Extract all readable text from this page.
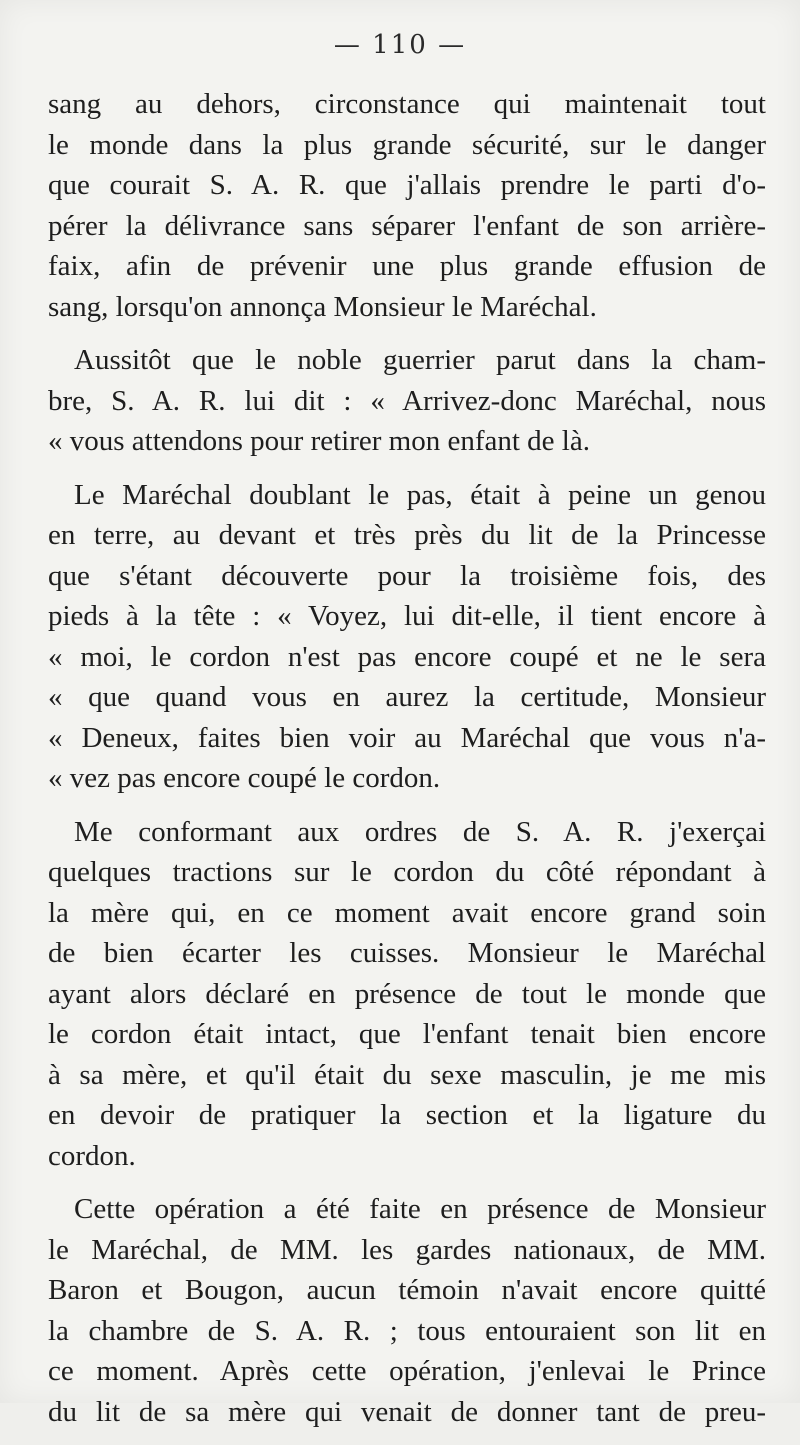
— 110 —
sang au dehors, circonstance qui maintenait tout
le monde dans la plus grande sécurité, sur le danger
que courait S. A. R. que j'allais prendre le parti d'o-
pérer la délivrance sans séparer l'enfant de son arrière-
faix, afin de prévenir une plus grande effusion de
sang, lorsqu'on annonça Monsieur le Maréchal.
Aussitôt que le noble guerrier parut dans la cham-
bre, S. A. R. lui dit : « Arrivez-donc Maréchal, nous
« vous attendons pour retirer mon enfant de là.
Le Maréchal doublant le pas, était à peine un genou
en terre, au devant et très près du lit de la Princesse
que s'étant découverte pour la troisième fois, des
pieds à la tête : « Voyez, lui dit-elle, il tient encore à
« moi, le cordon n'est pas encore coupé et ne le sera
« que quand vous en aurez la certitude, Monsieur
« Deneux, faites bien voir au Maréchal que vous n'a-
« vez pas encore coupé le cordon.
Me conformant aux ordres de S. A. R. j'exerçai
quelques tractions sur le cordon du côté répondant à
la mère qui, en ce moment avait encore grand soin
de bien écarter les cuisses. Monsieur le Maréchal
ayant alors déclaré en présence de tout le monde que
le cordon était intact, que l'enfant tenait bien encore
à sa mère, et qu'il était du sexe masculin, je me mis
en devoir de pratiquer la section et la ligature du
cordon.
Cette opération a été faite en présence de Monsieur
le Maréchal, de MM. les gardes nationaux, de MM.
Baron et Bougon, aucun témoin n'avait encore quitté
la chambre de S. A. R. ; tous entouraient son lit en
ce moment. Après cette opération, j'enlevai le Prince
du lit de sa mère qui venait de donner tant de preu-
